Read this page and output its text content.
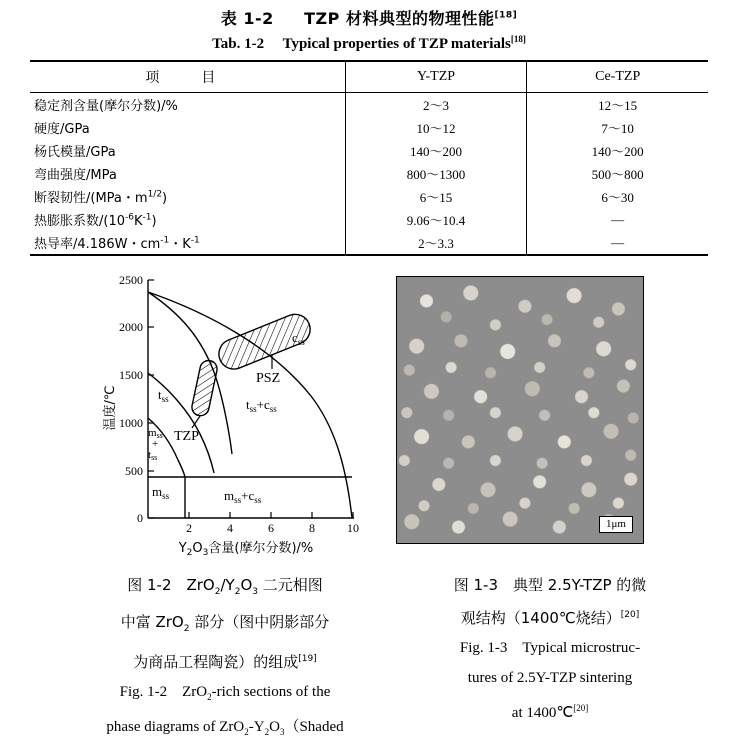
表 1-2 TZP 材料典型的物理性能[18]
Tab. 1-2 Typical properties of TZP materials[18]
项　目	Y-TZP	Ce-TZP
稳定剂含量(摩尔分数)/%	2～3	12～15
硬度/GPa	10～12	7～10
杨氏模量/GPa	140～200	140～200
弯曲强度/MPa	800～1300	500～800
断裂韧性/(MPa・$m^{1/2}$)	6～15	6～30
热膨胀系数$/(10^{-6}K^{-1})$	9.06～10.4	—
热导率/4.186W・$cm^{-1}$・$K^{-1}$	2～3.3	—
2500
2000
1500
1000
500
0
2	4	6	8	10
$c_{ss}$
PSZ
$t_{ss}$
TZP
$t_{ss}+c_{ss}$
mss
+
tss
$m_{ss}$	$m_{ss}+c_{ss}$
温度/℃
$Y_2O_3$含量(摩尔分数)/%
1μm
图 1-2　$ZrO_2/Y_2O_3$ 二元相图
中富 ZrO$_2$ 部分（图中阴影部分
为商品工程陶瓷）的组成[19]
Fig. 1-2　ZrO$_2$-rich sections of the
phase diagrams of $ZrO_2-Y_2O_3(Shaded$
图 1-3　典型 2.5Y-TZP 的微
观结构（1400℃烧结）[20]
Fig. 1-3　Typical microstruc-
tures of 2.5Y-TZP sintering
at 1400℃[20]
